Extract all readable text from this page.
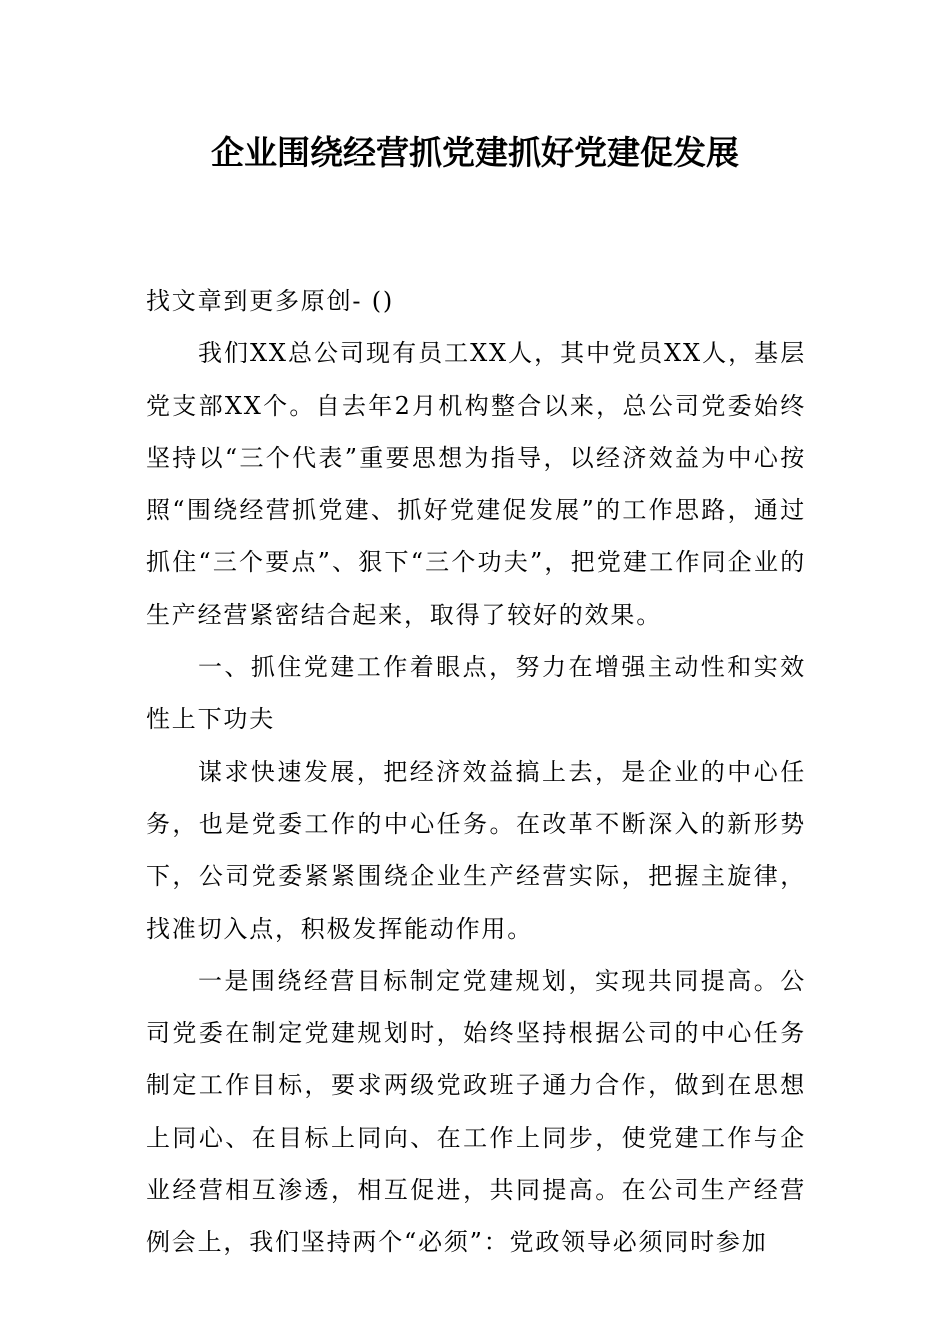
企业围绕经营抓党建抓好党建促发展

找文章到更多原创- ()

我们XX总公司现有员工XX人，其中党员XX人，基层党支部XX个。自去年2月机构整合以来，总公司党委始终坚持以“三个代表”重要思想为指导，以经济效益为中心按照“围绕经营抓党建、抓好党建促发展”的工作思路，通过抓住“三个要点”、狠下“三个功夫”，把党建工作同企业的生产经营紧密结合起来，取得了较好的效果。

一、抓住党建工作着眼点，努力在增强主动性和实效性上下功夫

谋求快速发展，把经济效益搞上去，是企业的中心任务，也是党委工作的中心任务。在改革不断深入的新形势下，公司党委紧紧围绕企业生产经营实际，把握主旋律，找准切入点，积极发挥能动作用。

一是围绕经营目标制定党建规划，实现共同提高。公司党委在制定党建规划时，始终坚持根据公司的中心任务制定工作目标，要求两级党政班子通力合作，做到在思想上同心、在目标上同向、在工作上同步，使党建工作与企业经营相互渗透，相互促进，共同提高。在公司生产经营例会上，我们坚持两个“必须”：党政领导必须同时参加
